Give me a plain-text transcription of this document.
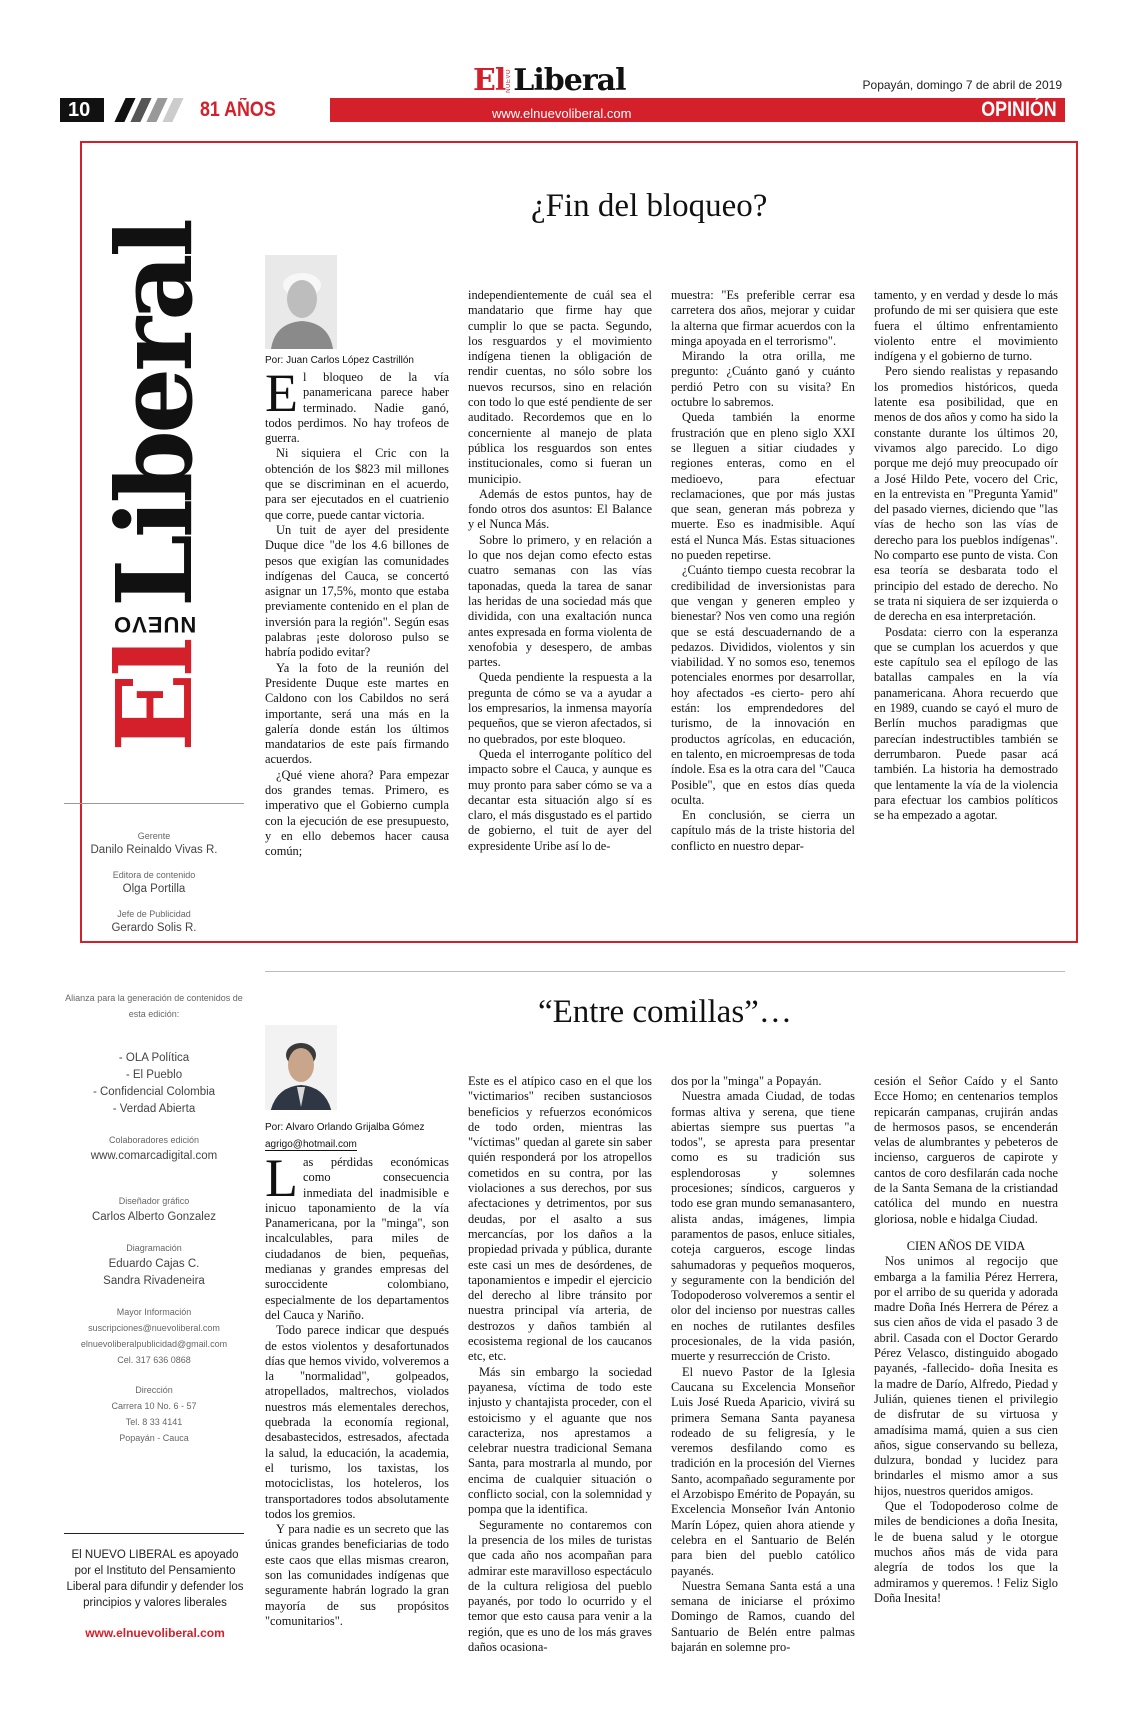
El NUEVO Liberal	Popayán, domingo 7 de abril de 2019
10	81 AÑOS	www.elnuevoliberal.com	OPINIÓN
El
NUEVO
Liberal
Gerente
Danilo Reinaldo Vivas R.
Editora de contenido
Olga Portilla
Jefe de Publicidad
Gerardo Solis R.
Alianza para la generación de contenidos de esta edición:
- OLA Política
- El Pueblo
- Confidencial Colombia
- Verdad Abierta
Colaboradores edición
www.comarcadigital.com
Diseñador gráfico
Carlos Alberto Gonzalez
Diagramación
Eduardo Cajas C.
Sandra Rivadeneira
Mayor Información
suscripciones@nuevoliberal.com
elnuevoliberalpublicidad@gmail.com
Cel. 317 636 0868
Dirección
Carrera 10 No. 6 - 57
Tel. 8 33 4141
Popayán - Cauca
El NUEVO LIBERAL es apoyado por el Instituto del Pensamiento Liberal para difundir y defender los principios y valores liberales
www.elnuevoliberal.com
¿Fin del bloqueo?
Por: Juan Carlos López Castrillón

El bloqueo de la vía panamericana parece haber terminado. Nadie ganó, todos perdimos. No hay trofeos de guerra.

Ni siquiera el Cric con la obtención de los $823 mil millones que se discriminan en el acuerdo, para ser ejecutados en el cuatrienio que corre, puede cantar victoria.

Un tuit de ayer del presidente Duque dice "de los 4.6 billones de pesos que exigían las comunidades indígenas del Cauca, se concertó asignar un 17,5%, monto que estaba previamente contenido en el plan de inversión para la región". Según esas palabras ¡este doloroso pulso se habría podido evitar?

Ya la foto de la reunión del Presidente Duque este martes en Caldono con los Cabildos no será importante, será una más en la galería donde están los últimos mandatarios de este país firmando acuerdos.

¿Qué viene ahora? Para empezar dos grandes temas. Primero, es imperativo que el Gobierno cumpla con la ejecución de ese presupuesto, y en ello debemos hacer causa común;

independientemente de cuál sea el mandatario que firme hay que cumplir lo que se pacta. Segundo, los resguardos y el movimiento indígena tienen la obligación de rendir cuentas, no sólo sobre los nuevos recursos, sino en relación con todo lo que esté pendiente de ser auditado. Recordemos que en lo concerniente al manejo de plata pública los resguardos son entes institucionales, como si fueran un municipio.

Además de estos puntos, hay de fondo otros dos asuntos: El Balance y el Nunca Más.

Sobre lo primero, y en relación a lo que nos dejan como efecto estas cuatro semanas con las vías taponadas, queda la tarea de sanar las heridas de una sociedad más que dividida, con una exaltación nunca antes expresada en forma violenta de xenofobia y desespero, de ambas partes.

Queda pendiente la respuesta a la pregunta de cómo se va a ayudar a los empresarios, la inmensa mayoría pequeños, que se vieron afectados, si no quebrados, por este bloqueo.

Queda el interrogante político del impacto sobre el Cauca, y aunque es muy pronto para saber cómo se va a decantar esta situación algo sí es claro, el más disgustado es el partido de gobierno, el tuit de ayer del expresidente Uribe así lo de-

muestra: "Es preferible cerrar esa carretera dos años, mejorar y cuidar la alterna que firmar acuerdos con la minga apoyada en el terrorismo".

Mirando la otra orilla, me pregunto: ¿Cuánto ganó y cuánto perdió Petro con su visita? En octubre lo sabremos.

Queda también la enorme frustración que en pleno siglo XXI se lleguen a sitiar ciudades y regiones enteras, como en el medioevo, para efectuar reclamaciones, que por más justas que sean, generan más pobreza y muerte. Eso es inadmisible. Aquí está el Nunca Más. Estas situaciones no pueden repetirse.

¿Cuánto tiempo cuesta recobrar la credibilidad de inversionistas para que vengan y generen empleo y bienestar? Nos ven como una región que se está descuadernando de a pedazos. Divididos, violentos y sin viabilidad. Y no somos eso, tenemos potenciales enormes por desarrollar, hoy afectados -es cierto- pero ahí están: los emprendedores del turismo, de la innovación en productos agrícolas, en educación, en talento, en microempresas de toda índole. Esa es la otra cara del "Cauca Posible", que en estos días queda oculta.

En conclusión, se cierra un capítulo más de la triste historia del conflicto en nuestro depar-

tamento, y en verdad y desde lo más profundo de mi ser quisiera que este fuera el último enfrentamiento violento entre el movimiento indígena y el gobierno de turno.

Pero siendo realistas y repasando los promedios históricos, queda latente esa posibilidad, que en menos de dos años y como ha sido la constante durante los últimos 20, vivamos algo parecido. Lo digo porque me dejó muy preocupado oír a José Hildo Pete, vocero del Cric, en la entrevista en "Pregunta Yamid" del pasado viernes, diciendo que "las vías de hecho son las vías de derecho para los pueblos indígenas". No comparto ese punto de vista. Con esa teoría se desbarata todo el principio del estado de derecho. No se trata ni siquiera de ser izquierda o de derecha en esa interpretación.

Posdata: cierro con la esperanza que se cumplan los acuerdos y que este capítulo sea el epílogo de las batallas campales en la vía panamericana. Ahora recuerdo que en 1989, cuando se cayó el muro de Berlín muchos paradigmas que parecían indestructibles también se derrumbaron. Puede pasar acá también. La historia ha demostrado que lentamente la vía de la violencia para efectuar los cambios políticos se ha empezado a agotar.

“Entre comillas”…
Por: Alvaro Orlando Grijalba Gómez
agrigo@hotmail.com

Las pérdidas económicas como consecuencia inmediata del inadmisible e inicuo taponamiento de la vía Panamericana, por la "minga", son incalculables, para miles de ciudadanos de bien, pequeñas, medianas y grandes empresas del suroccidente colombiano, especialmente de los departamentos del Cauca y Nariño.

Todo parece indicar que después de estos violentos y desafortunados días que hemos vivido, volveremos a la "normalidad", golpeados, atropellados, maltrechos, violados nuestros más elementales derechos, quebrada la economía regional, desabastecidos, estresados, afectada la salud, la educación, la academia, el turismo, los taxistas, los motociclistas, los hoteleros, los transportadores todos absolutamente todos los gremios.

Y para nadie es un secreto que las únicas grandes beneficiarias de todo este caos que ellas mismas crearon, son las comunidades indígenas que seguramente habrán logrado la gran mayoría de sus propósitos "comunitarios".

Este es el atípico caso en el que los "victimarios" reciben sustanciosos beneficios y refuerzos económicos de todo orden, mientras las "víctimas" quedan al garete sin saber quién responderá por los atropellos cometidos en su contra, por las violaciones a sus derechos, por sus afectaciones y detrimentos, por sus deudas, por el asalto a sus mercancías, por los daños a la propiedad privada y pública, durante este casi un mes de desórdenes, de taponamientos e impedir el ejercicio del derecho al libre tránsito por nuestra principal vía arteria, de destrozos y daños también al ecosistema regional de los caucanos etc, etc.

Más sin embargo la sociedad payanesa, víctima de todo este injusto y chantajista proceder, con el estoicismo y el aguante que nos caracteriza, nos aprestamos a celebrar nuestra tradicional Semana Santa, para mostrarla al mundo, por encima de cualquier situación o conflicto social, con la solemnidad y pompa que la identifica.

Seguramente no contaremos con la presencia de los miles de turistas que cada año nos acompañan para admirar este maravilloso espectáculo de la cultura religiosa del pueblo payanés, por todo lo ocurrido y el temor que esto causa para venir a la región, que es uno de los más graves daños ocasiona-

dos por la "minga" a Popayán.

Nuestra amada Ciudad, de todas formas altiva y serena, que tiene abiertas siempre sus puertas "a todos", se apresta para presentar como es su tradición sus esplendorosas y solemnes procesiones; síndicos, cargueros y todo ese gran mundo semanasantero, alista andas, imágenes, limpia paramentos de pasos, enluce sitiales, coteja cargueros, escoge lindas sahumadoras y pequeños moqueros, y seguramente con la bendición del Todopoderoso volveremos a sentir el olor del incienso por nuestras calles en noches de rutilantes desfiles procesionales, de la vida pasión, muerte y resurrección de Cristo.

El nuevo Pastor de la Iglesia Caucana su Excelencia Monseñor Luis José Rueda Aparicio, vivirá su primera Semana Santa payanesa rodeado de su feligresía, y le veremos desfilando como es tradición en la procesión del Viernes Santo, acompañado seguramente por el Arzobispo Emérito de Popayán, su Excelencia Monseñor Iván Antonio Marín López, quien ahora atiende y celebra en el Santuario de Belén para bien del pueblo católico payanés.

Nuestra Semana Santa está a una semana de iniciarse el próximo Domingo de Ramos, cuando del Santuario de Belén entre palmas bajarán en solemne pro-

cesión el Señor Caído y el Santo Ecce Homo; en centenarios templos repicarán campanas, crujirán andas de hermosos pasos, se encenderán velas de alumbrantes y pebeteros de incienso, cargueros de capirote y cantos de coro desfilarán cada noche de la Santa Semana de la cristiandad católica del mundo en nuestra gloriosa, noble e hidalga Ciudad.

CIEN AÑOS DE VIDA

Nos unimos al regocijo que embarga a la familia Pérez Herrera, por el arribo de su querida y adorada madre Doña Inés Herrera de Pérez a sus cien años de vida el pasado 3 de abril. Casada con el Doctor Gerardo Pérez Velasco, distinguido abogado payanés, -fallecido- doña Inesita es la madre de Darío, Alfredo, Piedad y Julián, quienes tienen el privilegio de disfrutar de su virtuosa y amadísima mamá, quien a sus cien años, sigue conservando su belleza, dulzura, bondad y lucidez para brindarles el mismo amor a sus hijos, nuestros queridos amigos.

Que el Todopoderoso colme de miles de bendiciones a doña Inesita, le de buena salud y le otorgue muchos años más de vida para alegría de todos los que la admiramos y queremos. ! Feliz Siglo Doña Inesita!
